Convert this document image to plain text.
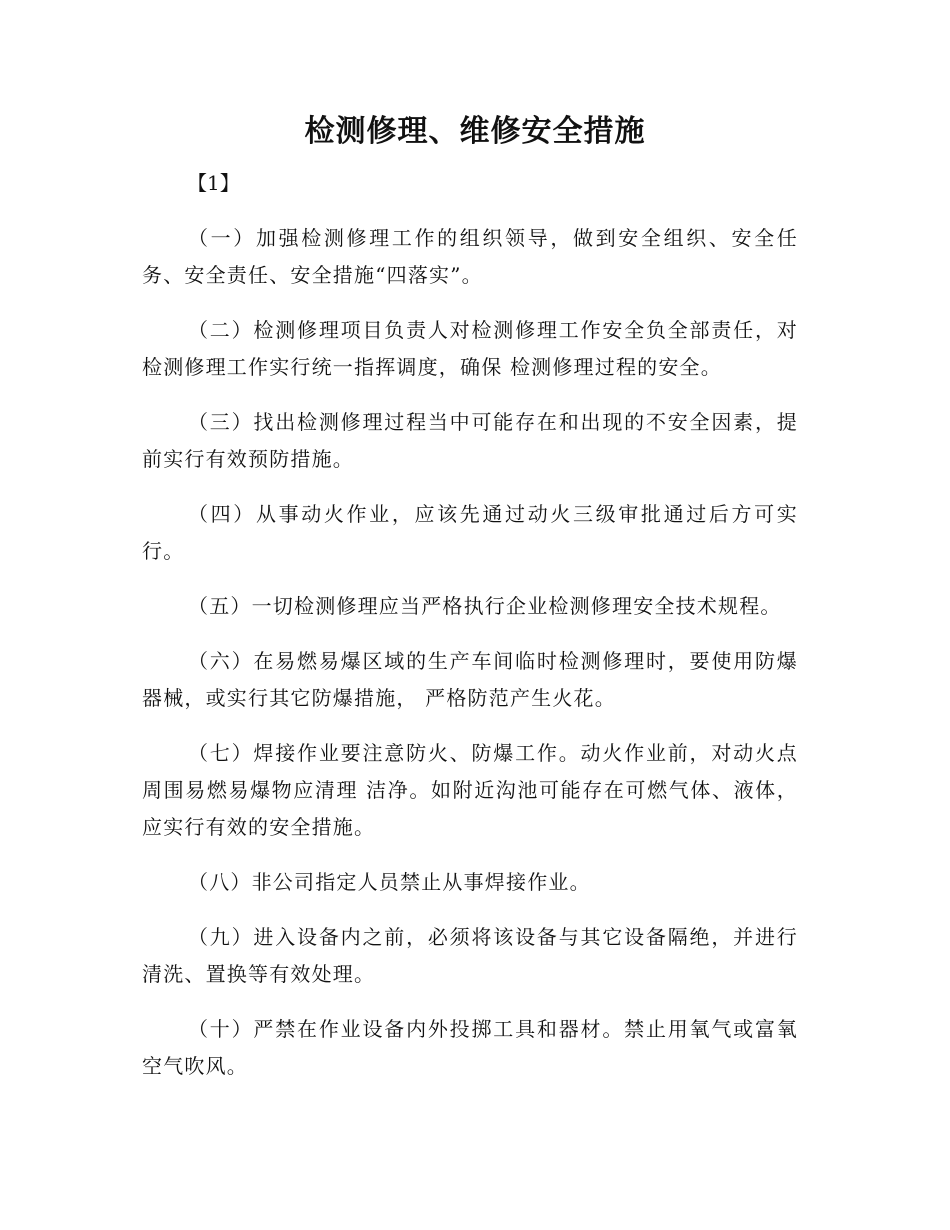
检测修理、维修安全措施
【1】

（一）加强检测修理工作的组织领导，做到安全组织、安全任务、安全责任、安全措施“四落实”。

（二）检测修理项目负责人对检测修理工作安全负全部责任，对检测修理工作实行统一指挥调度，确保 检测修理过程的安全。

（三）找出检测修理过程当中可能存在和出现的不安全因素，提前实行有效预防措施。

（四）从事动火作业，应该先通过动火三级审批通过后方可实行。

（五）一切检测修理应当严格执行企业检测修理安全技术规程。

（六）在易燃易爆区域的生产车间临时检测修理时，要使用防爆器械，或实行其它防爆措施， 严格防范产生火花。

（七）焊接作业要注意防火、防爆工作。动火作业前，对动火点周围易燃易爆物应清理 洁净。如附近沟池可能存在可燃气体、液体，应实行有效的安全措施。

（八）非公司指定人员禁止从事焊接作业。

（九）进入设备内之前，必须将该设备与其它设备隔绝，并进行清洗、置换等有效处理。

（十）严禁在作业设备内外投掷工具和器材。禁止用氧气或富氧空气吹风。
